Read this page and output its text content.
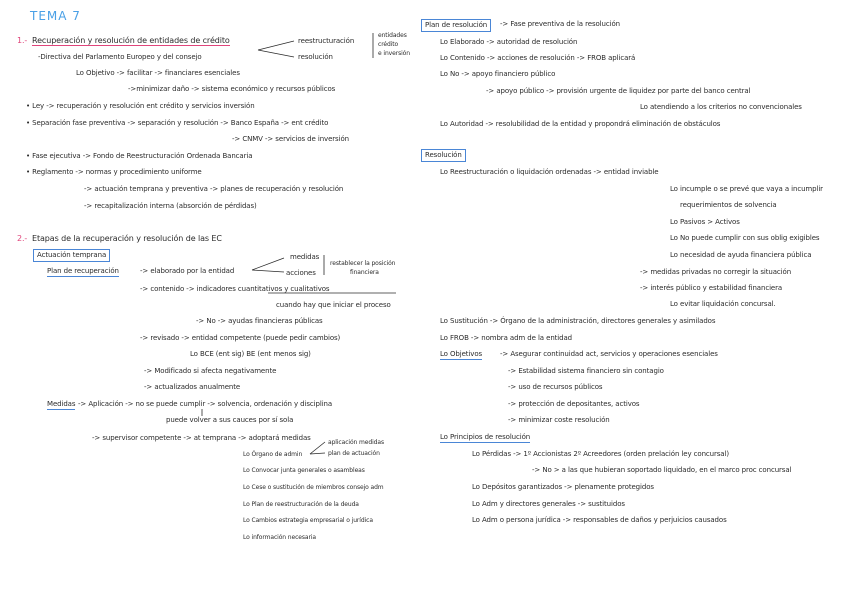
TEMA 7
1.- Recuperación y resolución de entidades de crédito	reestructuración
resolución
entidades
crédito
e inversión
-Directiva del Parlamento Europeo y del consejo
Lo Objetivo -> facilitar -> financiares esenciales
->minimizar daño -> sistema económico y recursos públicos
• Ley -> recuperación y resolución ent crédito y servicios inversión
• Separación fase preventiva -> separación y resolución -> Banco España -> ent crédito
-> CNMV -> servicios de inversión
• Fase ejecutiva -> Fondo de Reestructuración Ordenada Bancaria
• Reglamento -> normas y procedimiento uniforme
-> actuación temprana y preventiva -> planes de recuperación y resolución
-> recapitalización interna (absorción de pérdidas)
2.- Etapas de la recuperación y resolución de las EC
Actuación temprana
Plan de recuperación	-> elaborado por la entidad
medidas
acciones
restablecer la posición
financiera
-> contenido -> indicadores cuantitativos y cualitativos
cuando hay que iniciar el proceso
-> No -> ayudas financieras públicas
-> revisado -> entidad competente (puede pedir cambios)
Lo BCE (ent sig) BE (ent menos sig)
-> Modificado si afecta negativamente
-> actualizados anualmente
Medidas -> Aplicación -> no se puede cumplir -> solvencia, ordenación y disciplina
puede volver a sus cauces por sí sola
-> supervisor competente -> at temprana -> adoptará medidas
aplicación medidas
plan de actuación
Lo Órgano de admin
Lo Convocar junta generales o asambleas
Lo Cese o sustitución de miembros consejo adm
Lo Plan de reestructuración de la deuda
Lo Cambios estrategia empresarial o jurídica
Lo información necesaria
Plan de resolución	-> Fase preventiva de la resolución
Lo Elaborado -> autoridad de resolución
Lo Contenido -> acciones de resolución -> FROB aplicará
Lo No -> apoyo financiero público
-> apoyo público -> provisión urgente de liquidez por parte del banco central
Lo atendiendo a los criterios no convencionales
Lo Autoridad -> resolubilidad de la entidad y propondrá eliminación de obstáculos
Resolución
Lo Reestructuración o liquidación ordenadas -> entidad inviable
Lo incumple o se prevé que vaya a incumplir
requerimientos de solvencia
Lo Pasivos > Activos
Lo No puede cumplir con sus oblig exigibles
Lo necesidad de ayuda financiera pública
-> medidas privadas no corregir la situación
-> interés público y estabilidad financiera
Lo evitar liquidación concursal.
Lo Sustitución -> Órgano de la administración, directores generales y asimilados
Lo FROB -> nombra adm de la entidad
Lo Objetivos	-> Asegurar continuidad act, servicios y operaciones esenciales
-> Estabilidad sistema financiero sin contagio
-> uso de recursos públicos
-> protección de depositantes, activos
-> minimizar coste resolución
Lo Principios de resolución
Lo Pérdidas -> 1º Accionistas 2º Acreedores (orden prelación ley concursal)
-> No > a las que hubieran soportado liquidado, en el marco proc concursal
Lo Depósitos garantizados -> plenamente protegidos
Lo Adm y directores generales -> sustituidos
Lo Adm o persona jurídica -> responsables de daños y perjuicios causados
